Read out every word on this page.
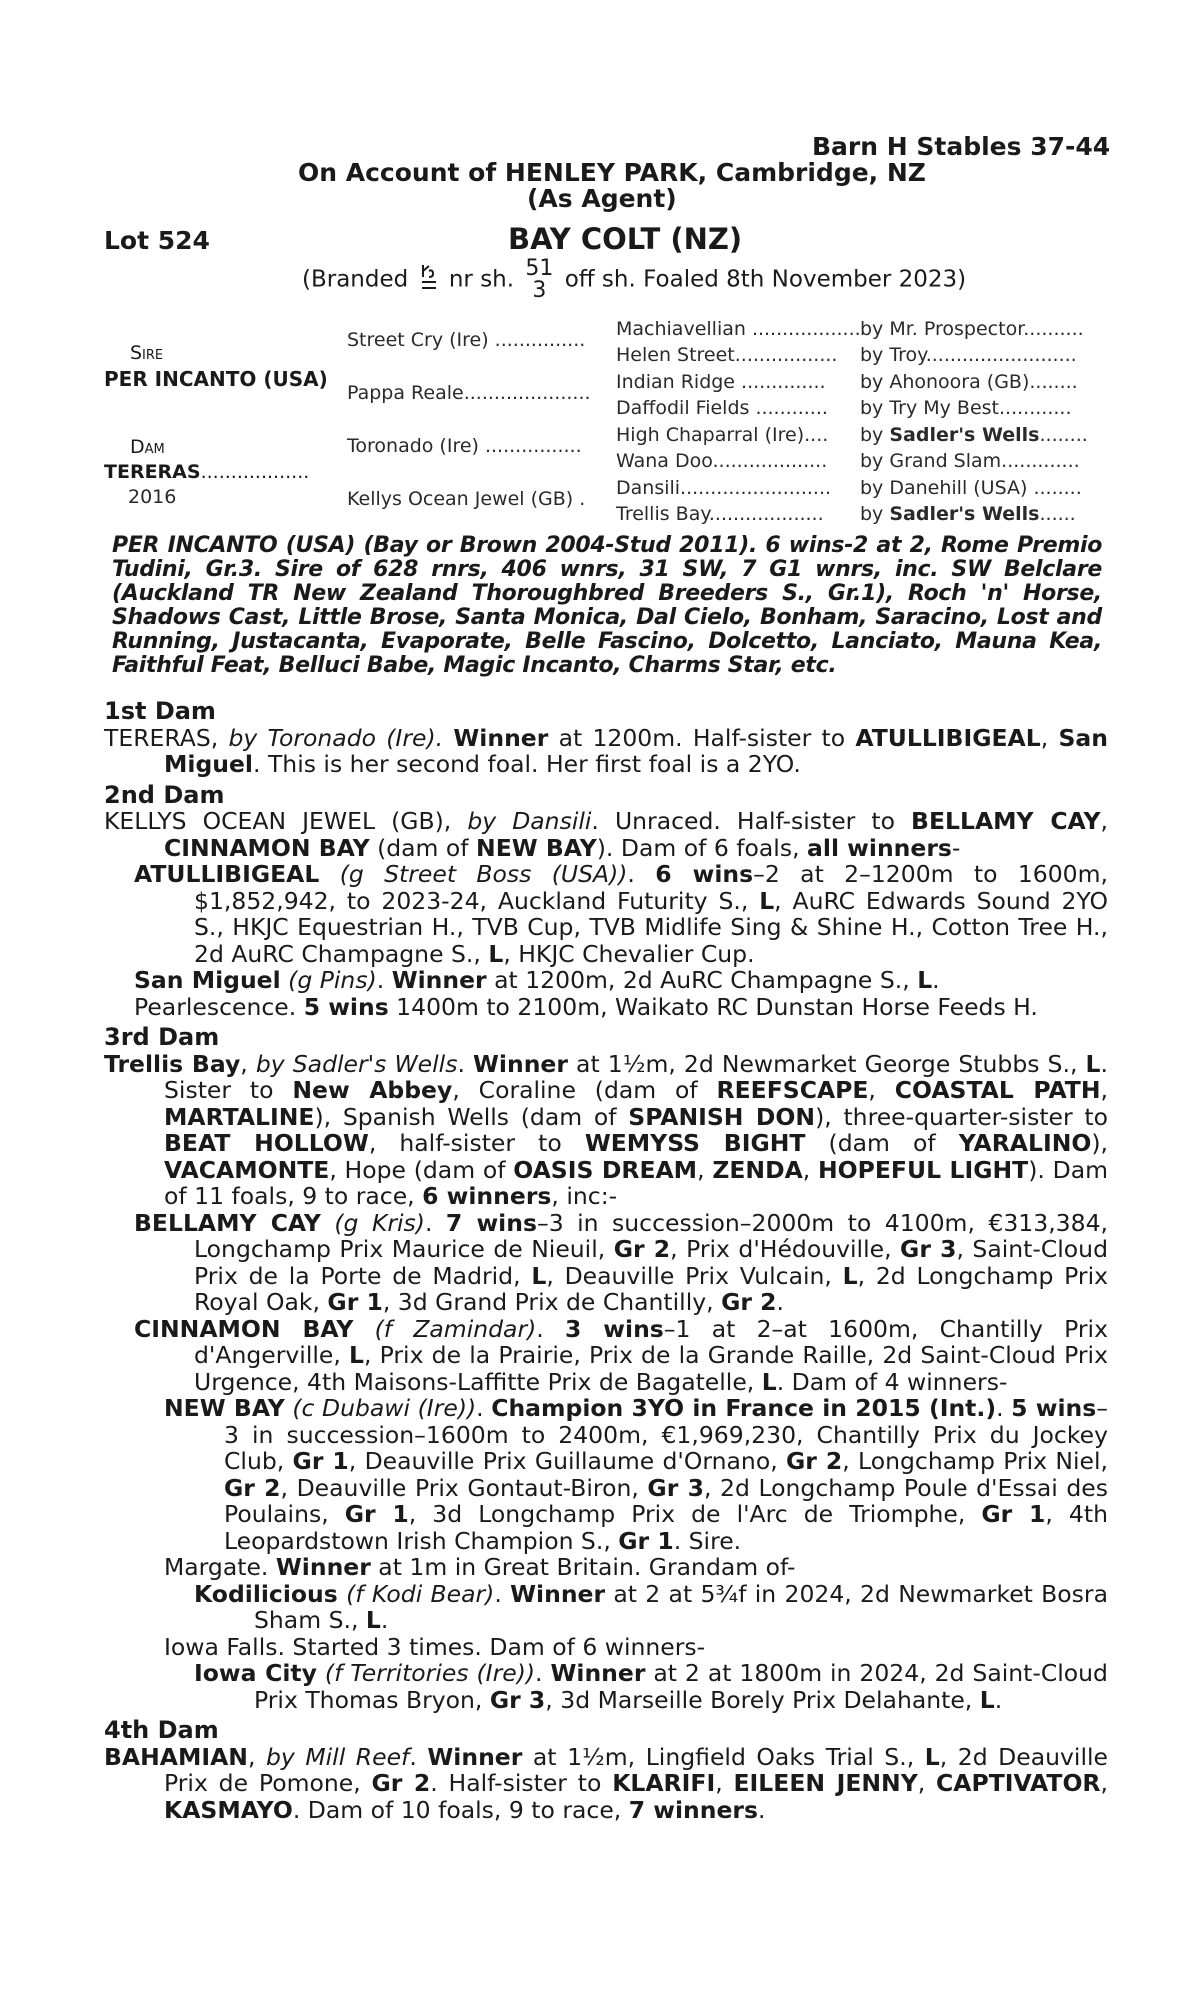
Barn H Stables 37-44
On Account of HENLEY PARK, Cambridge, NZ
(As Agent)
Lot 524	BAY COLT (NZ)
(Branded nr sh. 51
3 off sh. Foaled 8th November 2023)
Sire
PER INCANTO (USA)
Dam
TERERAS..................
2016
Street Cry (Ire) ...............
Pappa Reale.....................
Toronado (Ire) ................
Kellys Ocean Jewel (GB) .
Machiavellian .................. by Mr. Prospector..........
Helen Street................. by Troy.........................
Indian Ridge .............. by Ahonoora (GB)........
Daffodil Fields ............ by Try My Best............
High Chaparral (Ire).... by Sadler's Wells........
Wana Doo................... by Grand Slam.............
Dansili......................... by Danehill (USA) ........
Trellis Bay................... by Sadler's Wells......
PER INCANTO (USA) (Bay or Brown 2004-Stud 2011). 6 wins-2 at 2, Rome Premio Tudini, Gr.3. Sire of 628 rnrs, 406 wnrs, 31 SW, 7 G1 wnrs, inc. SW Belclare (Auckland TR New Zealand Thoroughbred Breeders S., Gr.1), Roch 'n' Horse, Shadows Cast, Little Brose, Santa Monica, Dal Cielo, Bonham, Saracino, Lost and Running, Justacanta, Evaporate, Belle Fascino, Dolcetto, Lanciato, Mauna Kea, Faithful Feat, Belluci Babe, Magic Incanto, Charms Star, etc.
1st Dam
TERERAS, by Toronado (Ire). Winner at 1200m. Half-sister to ATULLIBIGEAL, San Miguel. This is her second foal. Her first foal is a 2YO.
2nd Dam
KELLYS OCEAN JEWEL (GB), by Dansili. Unraced. Half-sister to BELLAMY CAY, CINNAMON BAY (dam of NEW BAY). Dam of 6 foals, all winners-
ATULLIBIGEAL (g Street Boss (USA)). 6 wins–2 at 2–1200m to 1600m, $1,852,942, to 2023-24, Auckland Futurity S., L, AuRC Edwards Sound 2YO S., HKJC Equestrian H., TVB Cup, TVB Midlife Sing & Shine H., Cotton Tree H., 2d AuRC Champagne S., L, HKJC Chevalier Cup.
San Miguel (g Pins). Winner at 1200m, 2d AuRC Champagne S., L.
Pearlescence. 5 wins 1400m to 2100m, Waikato RC Dunstan Horse Feeds H.
3rd Dam
Trellis Bay, by Sadler's Wells. Winner at 1½m, 2d Newmarket George Stubbs S., L. Sister to New Abbey, Coraline (dam of REEFSCAPE, COASTAL PATH, MARTALINE), Spanish Wells (dam of SPANISH DON), three-quarter-sister to BEAT HOLLOW, half-sister to WEMYSS BIGHT (dam of YARALINO), VACAMONTE, Hope (dam of OASIS DREAM, ZENDA, HOPEFUL LIGHT). Dam of 11 foals, 9 to race, 6 winners, inc:-
BELLAMY CAY (g Kris). 7 wins–3 in succession–2000m to 4100m, €313,384, Longchamp Prix Maurice de Nieuil, Gr 2, Prix d'Hédouville, Gr 3, Saint-Cloud Prix de la Porte de Madrid, L, Deauville Prix Vulcain, L, 2d Longchamp Prix Royal Oak, Gr 1, 3d Grand Prix de Chantilly, Gr 2.
CINNAMON BAY (f Zamindar). 3 wins–1 at 2–at 1600m, Chantilly Prix d'Angerville, L, Prix de la Prairie, Prix de la Grande Raille, 2d Saint-Cloud Prix Urgence, 4th Maisons-Laffitte Prix de Bagatelle, L. Dam of 4 winners-
NEW BAY (c Dubawi (Ire)). Champion 3YO in France in 2015 (Int.). 5 wins–3 in succession–1600m to 2400m, €1,969,230, Chantilly Prix du Jockey Club, Gr 1, Deauville Prix Guillaume d'Ornano, Gr 2, Longchamp Prix Niel, Gr 2, Deauville Prix Gontaut-Biron, Gr 3, 2d Longchamp Poule d'Essai des Poulains, Gr 1, 3d Longchamp Prix de l'Arc de Triomphe, Gr 1, 4th Leopardstown Irish Champion S., Gr 1. Sire.
Margate. Winner at 1m in Great Britain. Grandam of-
Kodilicious (f Kodi Bear). Winner at 2 at 5¾f in 2024, 2d Newmarket Bosra Sham S., L.
Iowa Falls. Started 3 times. Dam of 6 winners-
Iowa City (f Territories (Ire)). Winner at 2 at 1800m in 2024, 2d Saint-Cloud Prix Thomas Bryon, Gr 3, 3d Marseille Borely Prix Delahante, L.
4th Dam
BAHAMIAN, by Mill Reef. Winner at 1½m, Lingfield Oaks Trial S., L, 2d Deauville Prix de Pomone, Gr 2. Half-sister to KLARIFI, EILEEN JENNY, CAPTIVATOR, KASMAYO. Dam of 10 foals, 9 to race, 7 winners.
